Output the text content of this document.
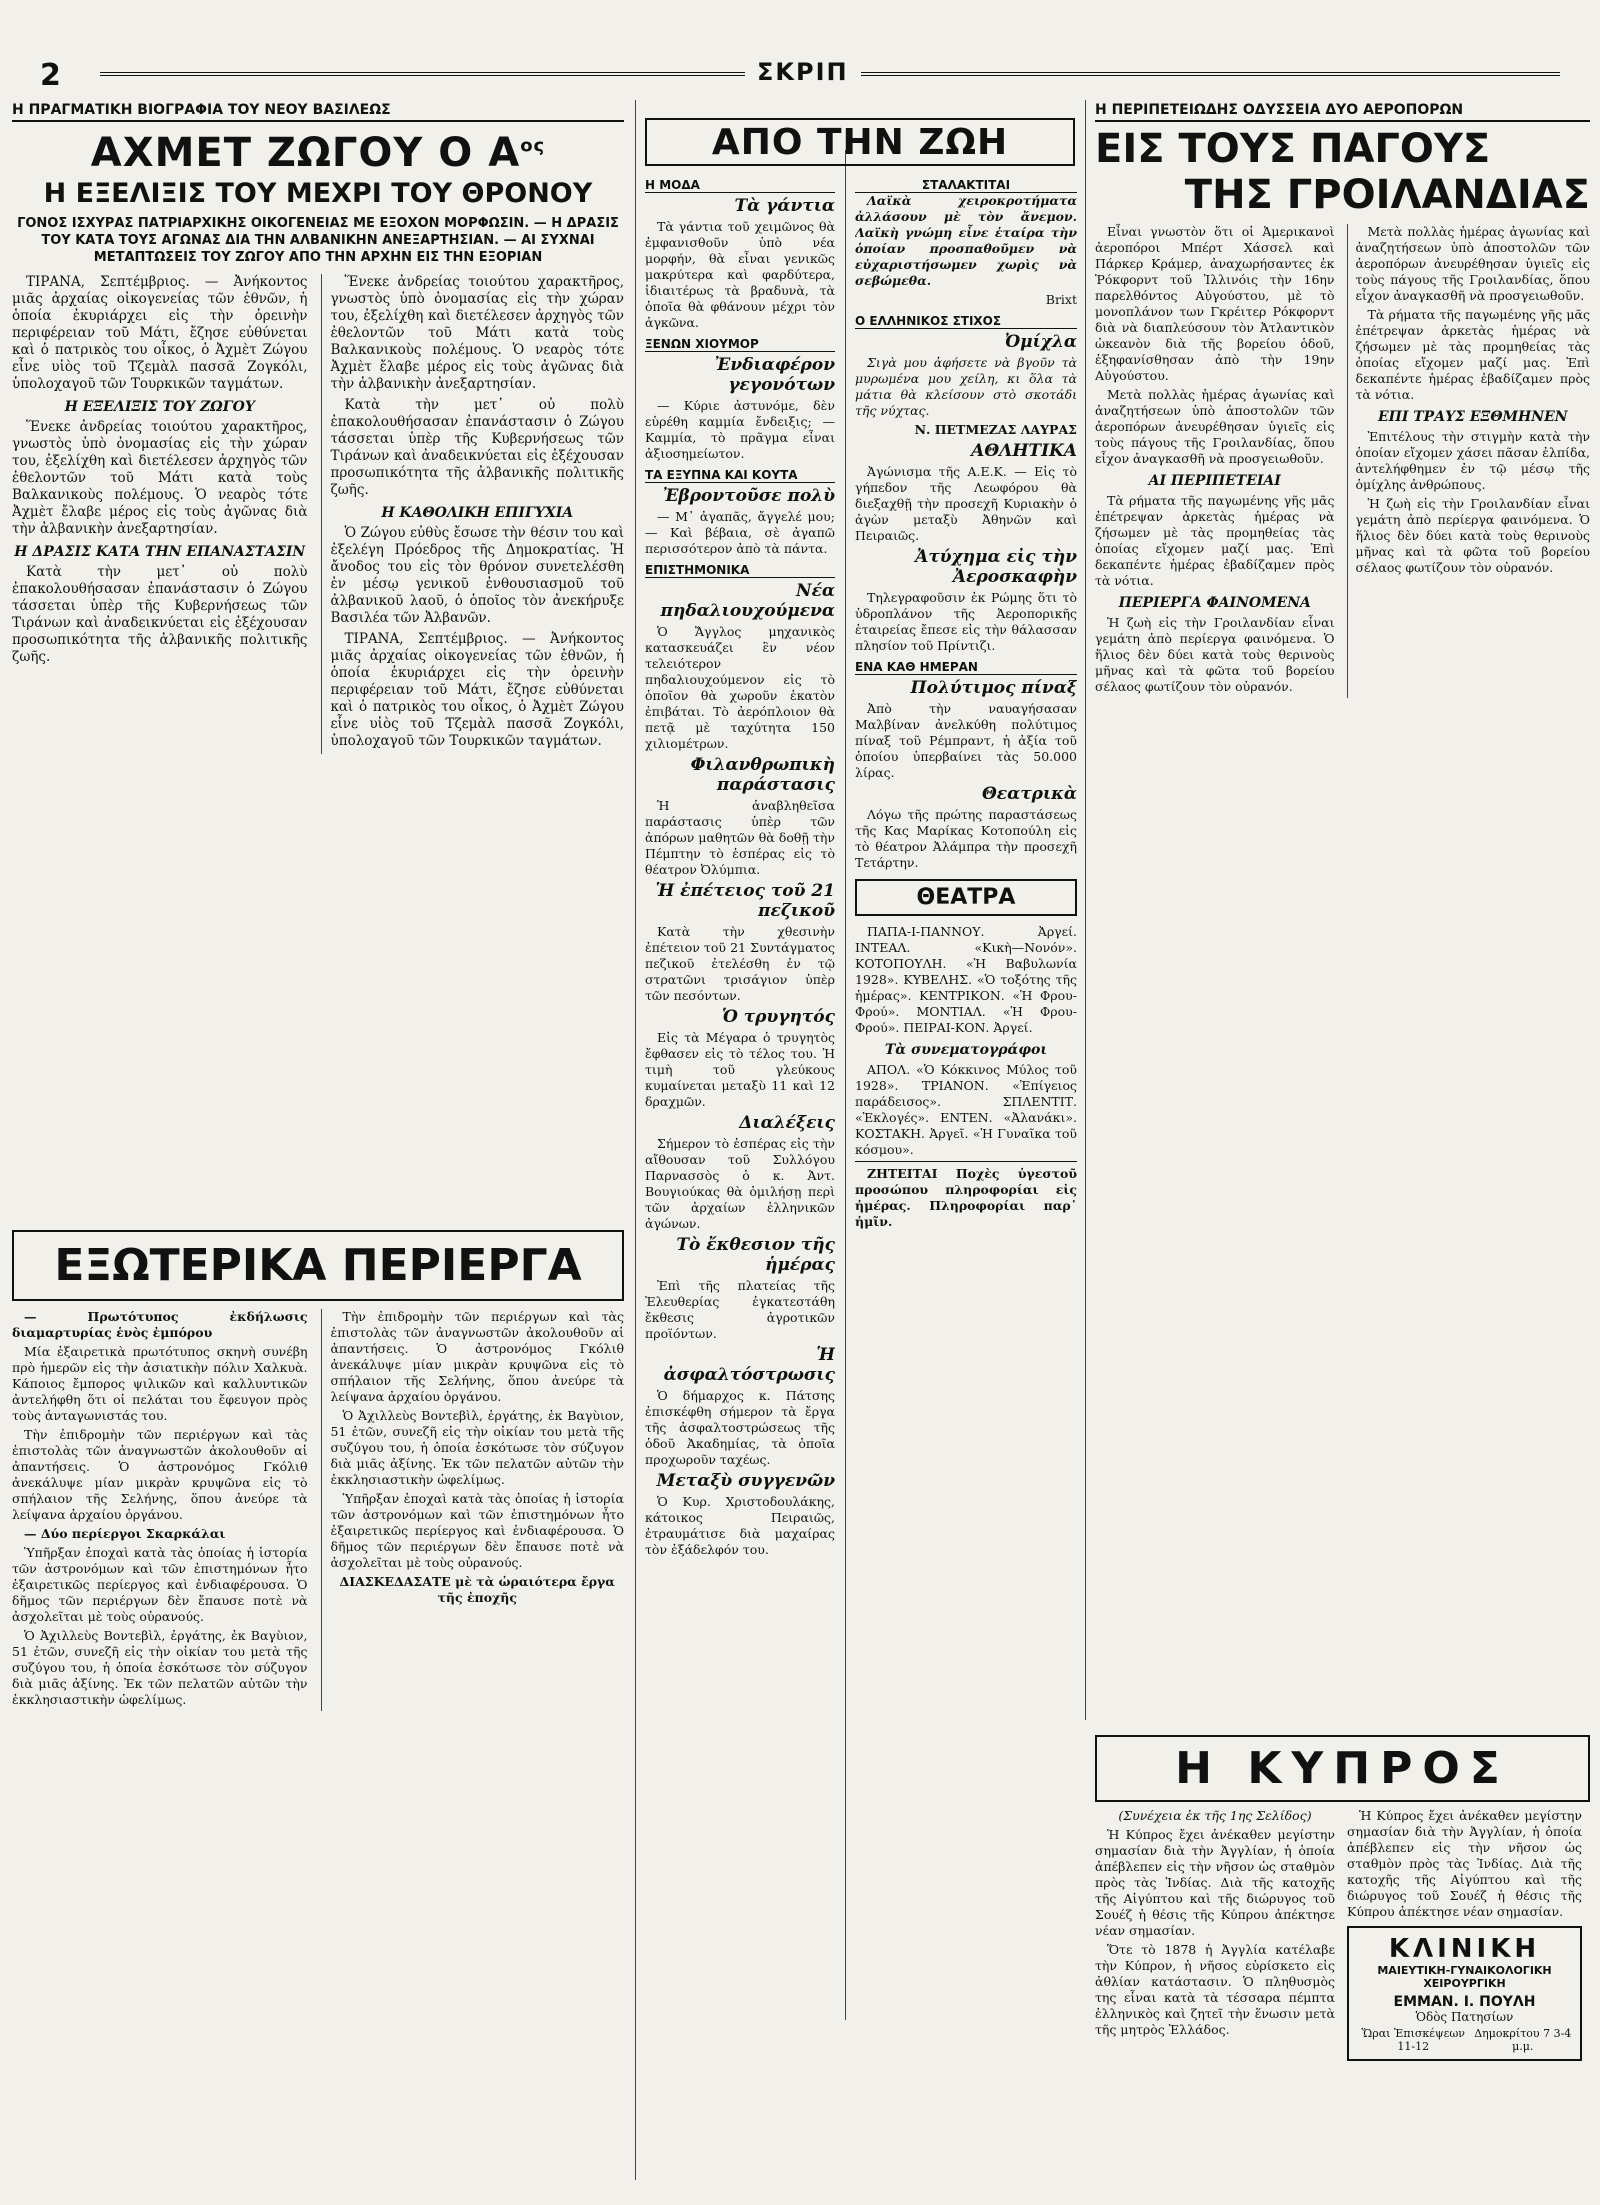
2	ΣΚΡΙΠ
Η ΠΡΑΓΜΑΤΙΚΗ ΒΙΟΓΡΑΦΙΑ ΤΟΥ ΝΕΟΥ ΒΑΣΙΛΕΩΣ
ΑΧΜΕΤ ΖΩΓΟΥ Ο $A^{o\varsigma}$
Η ΕΞΕΛΙΞΙΣ ΤΟΥ ΜΕΧΡΙ ΤΟΥ ΘΡΟΝΟΥ
ΓΟΝΟΣ ΙΣΧΥΡΑΣ ΠΑΤΡΙΑΡΧΙΚΗΣ ΟΙΚΟΓΕΝΕΙΑΣ ΜΕ ΕΞΟΧΟΝ ΜΟΡΦΩΣΙΝ. — Η ΔΡΑΣΙΣ ΤΟΥ ΚΑΤΑ ΤΟΥΣ ΑΓΩΝΑΣ ΔΙΑ ΤΗΝ ΑΛΒΑΝΙΚΗΝ ΑΝΕΞΑΡΤΗΣΙΑΝ. — ΑΙ ΣΥΧΝΑΙ ΜΕΤΑΠΤΩΣΕΙΣ ΤΟΥ ΖΩΓΟΥ ΑΠΟ ΤΗΝ ΑΡΧΗΝ ΕΙΣ ΤΗΝ ΕΞΟΡΙΑΝ

ΤΙΡΑΝΑ, Σεπτέμβριος. — Ἀνήκοντος μιᾶς ἀρχαίας οἰκογενείας τῶν ἐθνῶν, ἡ ὁποία ἐκυριάρχει εἰς τὴν ὀρεινὴν περιφέρειαν τοῦ Μάτι, ἔζησε εὐθύνεται καὶ ὁ πατρικὸς του οἶκος, ὁ Ἀχμὲτ Ζώγου εἶνε υἱὸς τοῦ Τζεμὰλ πασσᾶ Ζογκόλι, ὑπολοχαγοῦ τῶν Τουρκικῶν ταγμάτων.

Η ΕΞΕΛΙΞΙΣ ΤΟΥ ΖΩΓΟΥ

Ἕνεκε ἀνδρείας τοιούτου χαρακτῆρος, γνωστὸς ὑπὸ ὀνομασίας εἰς τὴν χώραν του, ἐξελίχθη καὶ διετέλεσεν ἀρχηγὸς τῶν ἐθελοντῶν τοῦ Μάτι κατὰ τοὺς Βαλκανικοὺς πολέμους. Ὁ νεαρὸς τότε Ἀχμὲτ ἔλαβε μέρος εἰς τοὺς ἀγῶνας διὰ τὴν ἀλβανικὴν ἀνεξαρτησίαν.

Η ΔΡΑΣΙΣ ΚΑΤΑ ΤΗΝ ΕΠΑΝΑΣΤΑΣΙΝ

Κατὰ τὴν μετ᾿ οὐ πολὺ ἐπακολουθήσασαν ἐπανάστασιν ὁ Ζώγου τάσσεται ὑπὲρ τῆς Κυβερνήσεως τῶν Τιράνων καὶ ἀναδεικνύεται εἰς ἐξέχουσαν προσωπικότητα τῆς ἀλβανικῆς πολιτικῆς ζωῆς.

Ἕνεκε ἀνδρείας τοιούτου χαρακτῆρος, γνωστὸς ὑπὸ ὀνομασίας εἰς τὴν χώραν του, ἐξελίχθη καὶ διετέλεσεν ἀρχηγὸς τῶν ἐθελοντῶν τοῦ Μάτι κατὰ τοὺς Βαλκανικοὺς πολέμους. Ὁ νεαρὸς τότε Ἀχμὲτ ἔλαβε μέρος εἰς τοὺς ἀγῶνας διὰ τὴν ἀλβανικὴν ἀνεξαρτησίαν.

Κατὰ τὴν μετ᾿ οὐ πολὺ ἐπακολουθήσασαν ἐπανάστασιν ὁ Ζώγου τάσσεται ὑπὲρ τῆς Κυβερνήσεως τῶν Τιράνων καὶ ἀναδεικνύεται εἰς ἐξέχουσαν προσωπικότητα τῆς ἀλβανικῆς πολιτικῆς ζωῆς.

Η ΚΑΘΟΛΙΚΗ ΕΠΙΓΥΧΙΑ

Ὁ Ζώγου εὐθὺς ἔσωσε τὴν θέσιν του καὶ ἐξελέγη Πρόεδρος τῆς Δημοκρατίας. Ἡ ἄνοδος του εἰς τὸν θρόνον συνετελέσθη ἐν μέσῳ γενικοῦ ἐνθουσιασμοῦ τοῦ ἀλβανικοῦ λαοῦ, ὁ ὁποῖος τὸν ἀνεκήρυξε Βασιλέα τῶν Ἀλβανῶν.

ΤΙΡΑΝΑ, Σεπτέμβριος. — Ἀνήκοντος μιᾶς ἀρχαίας οἰκογενείας τῶν ἐθνῶν, ἡ ὁποία ἐκυριάρχει εἰς τὴν ὀρεινὴν περιφέρειαν τοῦ Μάτι, ἔζησε εὐθύνεται καὶ ὁ πατρικὸς του οἶκος, ὁ Ἀχμὲτ Ζώγου εἶνε υἱὸς τοῦ Τζεμὰλ πασσᾶ Ζογκόλι, ὑπολοχαγοῦ τῶν Τουρκικῶν ταγμάτων.

ΕΞΩΤΕΡΙΚΑ ΠΕΡΙΕΡΓΑ

— Πρωτότυπος ἐκδήλωσις διαμαρτυρίας ἑνὸς ἐμπόρου

Μία ἐξαιρετικὰ πρωτότυπος σκηνὴ συνέβη πρὸ ἡμερῶν εἰς τὴν ἀσιατικὴν πόλιν Χαλκυὰ. Κάποιος ἔμπορος ψιλικῶν καὶ καλλυντικῶν ἀντελήφθη ὅτι οἱ πελάται του ἔφευγον πρὸς τοὺς ἀνταγωνιστάς του.

Τὴν ἐπιδρομὴν τῶν περιέργων καὶ τὰς ἐπιστολὰς τῶν ἀναγνωστῶν ἀκολουθοῦν αἱ ἀπαντήσεις. Ὁ ἀστρονόμος Γκόλιθ ἀνεκάλυψε μίαν μικρὰν κρυψῶνα εἰς τὸ σπήλαιον τῆς Σελήνης, ὅπου ἀνεύρε τὰ λείψανα ἀρχαίου ὀργάνου.

— Δύο περίεργοι Σκαρκάλαι

Ὑπῆρξαν ἐποχαὶ κατὰ τὰς ὁποίας ἡ ἱστορία τῶν ἀστρονόμων καὶ τῶν ἐπιστημόνων ἦτο ἐξαιρετικῶς περίεργος καὶ ἐνδιαφέρουσα. Ὁ δῆμος τῶν περιέργων δὲν ἔπαυσε ποτὲ νὰ ἀσχολεῖται μὲ τοὺς οὐρανούς.

Ὁ Ἀχιλλεὺς Βοντεβὶλ, ἐργάτης, ἐκ Βαγὺιον, 51 ἐτῶν, συνεζῆ εἰς τὴν οἰκίαν του μετὰ τῆς συζύγου του, ἡ ὁποία ἐσκότωσε τὸν σύζυγον διὰ μιᾶς ἀξίνης. Ἐκ τῶν πελατῶν αὐτῶν τὴν ἐκκλησιαστικὴν ὡφελίμως.

Τὴν ἐπιδρομὴν τῶν περιέργων καὶ τὰς ἐπιστολὰς τῶν ἀναγνωστῶν ἀκολουθοῦν αἱ ἀπαντήσεις. Ὁ ἀστρονόμος Γκόλιθ ἀνεκάλυψε μίαν μικρὰν κρυψῶνα εἰς τὸ σπήλαιον τῆς Σελήνης, ὅπου ἀνεύρε τὰ λείψανα ἀρχαίου ὀργάνου.

Ὁ Ἀχιλλεὺς Βοντεβὶλ, ἐργάτης, ἐκ Βαγὺιον, 51 ἐτῶν, συνεζῆ εἰς τὴν οἰκίαν του μετὰ τῆς συζύγου του, ἡ ὁποία ἐσκότωσε τὸν σύζυγον διὰ μιᾶς ἀξίνης. Ἐκ τῶν πελατῶν αὐτῶν τὴν ἐκκλησιαστικὴν ὡφελίμως.

Ὑπῆρξαν ἐποχαὶ κατὰ τὰς ὁποίας ἡ ἱστορία τῶν ἀστρονόμων καὶ τῶν ἐπιστημόνων ἦτο ἐξαιρετικῶς περίεργος καὶ ἐνδιαφέρουσα. Ὁ δῆμος τῶν περιέργων δὲν ἔπαυσε ποτὲ νὰ ἀσχολεῖται μὲ τοὺς οὐρανούς.

ΔΙΑΣΚΕΔΑΣΑΤΕ μὲ τὰ ὡραιότερα ἔργα τῆς ἐποχῆς

ΑΠΟ ΤΗΝ ΖΩΗ
Η ΜΟΔΑ
Τὰ γάντια

Τὰ γάντια τοῦ χειμῶνος θὰ ἐμφανισθοῦν ὑπὸ νέα μορφήν, θὰ εἶναι γενικῶς μακρύτερα καὶ φαρδύτερα, ἰδιαιτέρως τὰ βραδυνὰ, τὰ ὁποῖα θὰ φθάνουν μέχρι τὸν ἀγκῶνα.

ΞΕΝΩΝ ΧΙΟΥΜΟΡ
Ἐνδιαφέρον γεγονότων

— Κύριε ἀστυνόμε, δὲν εὑρέθη καμμία ἔνδειξις; — Καμμία, τὸ πρᾶγμα εἶναι ἀξιοσημείωτον.

ΤΑ ΕΞΥΠΝΑ ΚΑΙ ΚΟΥΤΑ
Ἐβροντοῦσε πολὺ

— Μ᾿ ἀγαπᾶς, ἄγγελέ μου; — Καὶ βέβαια, σὲ ἀγαπῶ περισσότερον ἀπὸ τὰ πάντα.

ΕΠΙΣΤΗΜΟΝΙΚΑ
Νέα πηδαλιουχούμενα

Ὁ Ἄγγλος μηχανικὸς κατασκευάζει ἓν νέον τελειότερον πηδαλιουχούμενον εἰς τὸ ὁποῖον θὰ χωροῦν ἑκατὸν ἐπιβάται. Τὸ ἀερόπλοιον θὰ πετᾷ μὲ ταχύτητα 150 χιλιομέτρων.

Φιλανθρωπικὴ παράστασις

Ἡ ἀναβληθεῖσα παράστασις ὑπὲρ τῶν ἀπόρων μαθητῶν θὰ δοθῇ τὴν Πέμπτην τὸ ἑσπέρας εἰς τὸ θέατρον Ὀλύμπια.

Ἡ ἐπέτειος τοῦ 21 πεζικοῦ

Κατὰ τὴν χθεσινὴν ἐπέτειον τοῦ 21 Συντάγματος πεζικοῦ ἐτελέσθη ἐν τῷ στρατῶνι τρισάγιον ὑπὲρ τῶν πεσόντων.

Ὁ τρυγητός

Εἰς τὰ Μέγαρα ὁ τρυγητὸς ἔφθασεν εἰς τὸ τέλος του. Ἡ τιμὴ τοῦ γλεύκους κυμαίνεται μεταξὺ 11 καὶ 12 δραχμῶν.

Διαλέξεις

Σήμερον τὸ ἑσπέρας εἰς τὴν αἴθουσαν τοῦ Συλλόγου Παρνασσὸς ὁ κ. Ἀντ. Βουγιούκας θὰ ὁμιλήσῃ περὶ τῶν ἀρχαίων ἑλληνικῶν ἀγώνων.

Τὸ ἔκθεσιον τῆς ἡμέρας

Ἐπὶ τῆς πλατείας τῆς Ἐλευθερίας ἐγκατεστάθη ἔκθεσις ἀγροτικῶν προϊόντων.

Ἡ ἀσφαλτόστρωσις

Ὁ δήμαρχος κ. Πάτσης ἐπισκέφθη σήμερον τὰ ἔργα τῆς ἀσφαλτοστρώσεως τῆς ὁδοῦ Ἀκαδημίας, τὰ ὁποῖα προχωροῦν ταχέως.

Μεταξὺ συγγενῶν

Ὁ Κυρ. Χριστοδουλάκης, κάτοικος Πειραιῶς, ἐτραυμάτισε διὰ μαχαίρας τὸν ἐξάδελφόν του.

ΣΤΑΛΑΚΤΙΤΑΙ

Λαϊκὰ χειροκροτήματα ἀλλάσουν μὲ τὸν ἄνεμον. Λαϊκὴ γνώμη εἶνε ἑταίρα τὴν ὁποίαν προσπαθοῦμεν νὰ εὐχαριστήσωμεν χωρὶς νὰ σεβώμεθα.

Brixt
Ο ΕΛΛΗΝΙΚΟΣ ΣΤΙΧΟΣ
Ὀμίχλα

Σιγὰ μου ἀφήσετε νὰ βγοῦν τὰ μυρωμένα μου χείλη, κι ὅλα τὰ μάτια θὰ κλείσουν στὸ σκοτάδι τῆς νύχτας.

Ν. ΠΕΤΜΕΖΑΣ ΛΑΥΡΑΣ
ΑΘΛΗΤΙΚΑ

Ἀγώνισμα τῆς Α.Ε.Κ. — Εἰς τὸ γήπεδον τῆς Λεωφόρου θὰ διεξαχθῇ τὴν προσεχῆ Κυριακὴν ὁ ἀγὼν μεταξὺ Ἀθηνῶν καὶ Πειραιῶς.

Ἀτύχημα εἰς τὴν Ἀεροσκαφὴν

Τηλεγραφοῦσιν ἐκ Ρώμης ὅτι τὸ ὑδροπλάνον τῆς Ἀεροπορικῆς ἑταιρείας ἔπεσε εἰς τὴν θάλασσαν πλησίον τοῦ Πρίντιζι.

ΕΝΑ ΚΑΘ ΗΜΕΡΑΝ
Πολύτιμος πίναξ

Ἀπὸ τὴν ναυαγήσασαν Μαλβίναν ἀνελκύθη πολύτιμος πίναξ τοῦ Ρέμπραντ, ἡ ἀξία τοῦ ὁποίου ὑπερβαίνει τὰς 50.000 λίρας.

Θεατρικὰ

Λόγω τῆς πρώτης παραστάσεως τῆς Κας Μαρίκας Κοτοπούλη εἰς τὸ θέατρον Ἀλάμπρα τὴν προσεχῆ Τετάρτην.

ΘΕΑΤΡΑ

ΠΑΠΑ-Ι-ΠΑΝΝΟΥ. Ἀργεί. ΙΝΤΕΑΛ. «Κικὴ—Νονόν». ΚΟΤΟΠΟΥΛΗ. «Ἡ Βαβυλωνία 1928». ΚΥΒΕΛΗΣ. «Ὁ τοξότης τῆς ἡμέρας». ΚΕΝΤΡΙΚΟΝ. «Ἡ Φρου-Φρού». ΜΟΝΤΙΑΛ. «Ἡ Φρου-Φρού». ΠΕΙΡΑΙ-ΚΟΝ. Ἀργεί.

Τὰ συνεματογράφοι

ΑΠΟΛ. «Ὁ Κόκκινος Μύλος τοῦ 1928». ΤΡΙΑΝΟΝ. «Ἐπίγειος παράδεισος». ΣΠΛΕΝΤΙΤ. «Ἐκλογές». ΕΝΤΕΝ. «Ἀλανάκι». ΚΟΣΤΑΚΗ. Ἀργεῖ. «Ἡ Γυναῖκα τοῦ κόσμου».

ΖΗΤΕΙΤΑΙ Ποχὲς ὑγεστοῦ προσώπου πληροφορίαι εἰς ἡμέρας. Πληροφορίαι παρ᾿ ἡμῖν.

Η ΠΕΡΙΠΕΤΕΙΩΔΗΣ ΟΔΥΣΣΕΙΑ ΔΥΟ ΑΕΡΟΠΟΡΩΝ
ΕΙΣ ΤΟΥΣ ΠΑΓΟΥΣ
ΤΗΣ ΓΡΟΙΛΑΝΔΙΑΣ

Εἶναι γνωστὸν ὅτι οἱ Ἀμερικανοὶ ἀεροπόροι Μπέρτ Χάσσελ καὶ Πάρκερ Κράμερ, ἀναχωρήσαντες ἐκ Ῥόκφορντ τοῦ Ἰλλινόις τὴν 16ην παρελθόντος Αὐγούστου, μὲ τὸ μονοπλάνον των Γκρέιτερ Ρόκφορντ διὰ νὰ διαπλεύσουν τὸν Ἀτλαντικὸν ὠκεανὸν διὰ τῆς βορείου ὁδοῦ, ἐξηφανίσθησαν ἀπὸ τὴν 19ην Αὐγούστου.

Μετὰ πολλὰς ἡμέρας ἀγωνίας καὶ ἀναζητήσεων ὑπὸ ἀποστολῶν τῶν ἀεροπόρων ἀνευρέθησαν ὑγιεῖς εἰς τοὺς πάγους τῆς Γροιλανδίας, ὅπου εἶχον ἀναγκασθῆ νὰ προσγειωθοῦν.

ΑΙ ΠΕΡΙΠΕΤΕΙΑΙ

Τὰ ρήματα τῆς παγωμένης γῆς μᾶς ἐπέτρεψαν ἀρκετὰς ἡμέρας νὰ ζήσωμεν μὲ τὰς προμηθείας τὰς ὁποίας εἴχομεν μαζί μας. Ἐπὶ δεκαπέντε ἡμέρας ἐβαδίζαμεν πρὸς τὰ νότια.

ΠΕΡΙΕΡΓΑ ΦΑΙΝΟΜΕΝΑ

Ἡ ζωὴ εἰς τὴν Γροιλανδίαν εἶναι γεμάτη ἀπὸ περίεργα φαινόμενα. Ὁ ἥλιος δὲν δύει κατὰ τοὺς θερινοὺς μῆνας καὶ τὰ φῶτα τοῦ βορείου σέλαος φωτίζουν τὸν οὐρανόν.

Μετὰ πολλὰς ἡμέρας ἀγωνίας καὶ ἀναζητήσεων ὑπὸ ἀποστολῶν τῶν ἀεροπόρων ἀνευρέθησαν ὑγιεῖς εἰς τοὺς πάγους τῆς Γροιλανδίας, ὅπου εἶχον ἀναγκασθῆ νὰ προσγειωθοῦν.

Τὰ ρήματα τῆς παγωμένης γῆς μᾶς ἐπέτρεψαν ἀρκετὰς ἡμέρας νὰ ζήσωμεν μὲ τὰς προμηθείας τὰς ὁποίας εἴχομεν μαζί μας. Ἐπὶ δεκαπέντε ἡμέρας ἐβαδίζαμεν πρὸς τὰ νότια.

ΕΠΙ ΤΡΑΥΣ ΕΞΘΜΗΝΕΝ

Ἐπιτέλους τὴν στιγμὴν κατὰ τὴν ὁποίαν εἴχομεν χάσει πᾶσαν ἐλπίδα, ἀντελήφθημεν ἐν τῷ μέσῳ τῆς ὁμίχλης ἀνθρώπους.

Ἡ ζωὴ εἰς τὴν Γροιλανδίαν εἶναι γεμάτη ἀπὸ περίεργα φαινόμενα. Ὁ ἥλιος δὲν δύει κατὰ τοὺς θερινοὺς μῆνας καὶ τὰ φῶτα τοῦ βορείου σέλαος φωτίζουν τὸν οὐρανόν.

Η ΚΥΠΡΟΣ

(Συνέχεια ἐκ τῆς 1ης Σελίδος)

Ἡ Κύπρος ἔχει ἀνέκαθεν μεγίστην σημασίαν διὰ τὴν Ἀγγλίαν, ἡ ὁποία ἀπέβλεπεν εἰς τὴν νῆσον ὡς σταθμὸν πρὸς τὰς Ἰνδίας. Διὰ τῆς κατοχῆς τῆς Αἰγύπτου καὶ τῆς διώρυγος τοῦ Σουέζ ἡ θέσις τῆς Κύπρου ἀπέκτησε νέαν σημασίαν.

Ὅτε τὸ 1878 ἡ Ἀγγλία κατέλαβε τὴν Κύπρον, ἡ νῆσος εὑρίσκετο εἰς ἀθλίαν κατάστασιν. Ὁ πληθυσμὸς της εἶναι κατὰ τὰ τέσσαρα πέμπτα ἑλληνικὸς καὶ ζητεῖ τὴν ἕνωσιν μετὰ τῆς μητρὸς Ἑλλάδος.

Ἡ Κύπρος ἔχει ἀνέκαθεν μεγίστην σημασίαν διὰ τὴν Ἀγγλίαν, ἡ ὁποία ἀπέβλεπεν εἰς τὴν νῆσον ὡς σταθμὸν πρὸς τὰς Ἰνδίας. Διὰ τῆς κατοχῆς τῆς Αἰγύπτου καὶ τῆς διώρυγος τοῦ Σουέζ ἡ θέσις τῆς Κύπρου ἀπέκτησε νέαν σημασίαν.

ΚΛΙΝΙΚΗ
ΜΑΙΕΥΤΙΚΗ-ΓΥΝΑΙΚΟΛΟΓΙΚΗ ΧΕΙΡΟΥΡΓΙΚΗ
ΕΜΜΑΝ. Ι. ΠΟΥΛΗ
Ὁδὸς Πατησίων
Ὥραι Ἐπισκέψεων 11-12
Δημοκρίτου 7 3-4 μ.μ.
